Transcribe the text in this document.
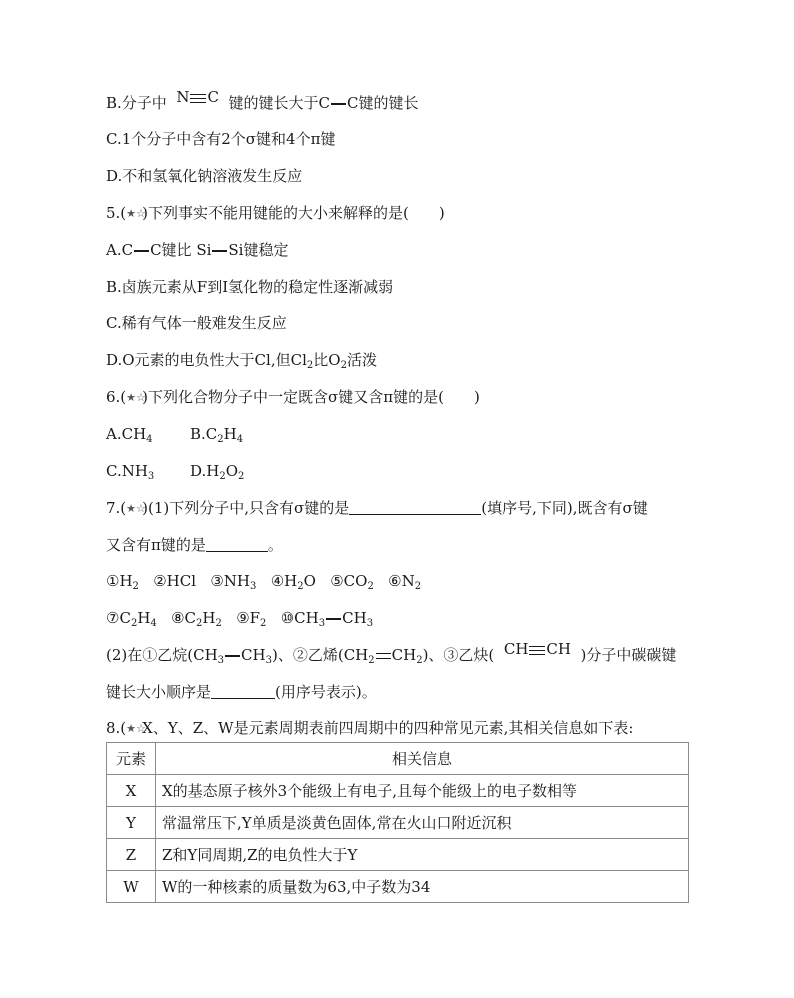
B.分子中 N C 键的键长大于C C键的键长
C.1个分子中含有2个σ键和4个π键
D.不和氢氧化钠溶液发生反应
5.(★☆)下列事实不能用键能的大小来解释的是( )
A.C C键比 Si Si键稳定
B.卤族元素从F到I氢化物的稳定性逐渐减弱
C.稀有气体一般难发生反应
D.O元素的电负性大于Cl,但$Cl_2$比$O_2$活泼
6.(★☆)下列化合物分子中一定既含σ键又含π键的是( )
$A.CH_4$ $B.C_2H_4$
$C.NH_3$ $D.H_2O_2$
7.(★☆)(1)下列分子中,只含有σ键的是	(填序号,下同),既含有σ键
又含有π键的是	。
$①H_2$ ②HCl $③NH_3$ $④H_2O$ $⑤CO_2$ $⑥N_2$
$⑦C_2H_4$ $⑧C_2H_2$ $⑨F_2$ $⑩CH_3$ $CH_3$
(2)在①乙烷($CH_3$ $CH_3$)、②乙烯($CH_2$ $CH_2$)、③乙炔( CH CH )分子中碳碳键
键长大小顺序是	(用序号表示)。
8.(★☆X、Y、Z、W是元素周期表前四周期中的四种常见元素,其相关信息如下表:
元素	相关信息
X	X的基态原子核外3个能级上有电子,且每个能级上的电子数相等
Y	常温常压下,Y单质是淡黄色固体,常在火山口附近沉积
Z	Z和Y同周期,Z的电负性大于Y
W	W的一种核素的质量数为63,中子数为34
